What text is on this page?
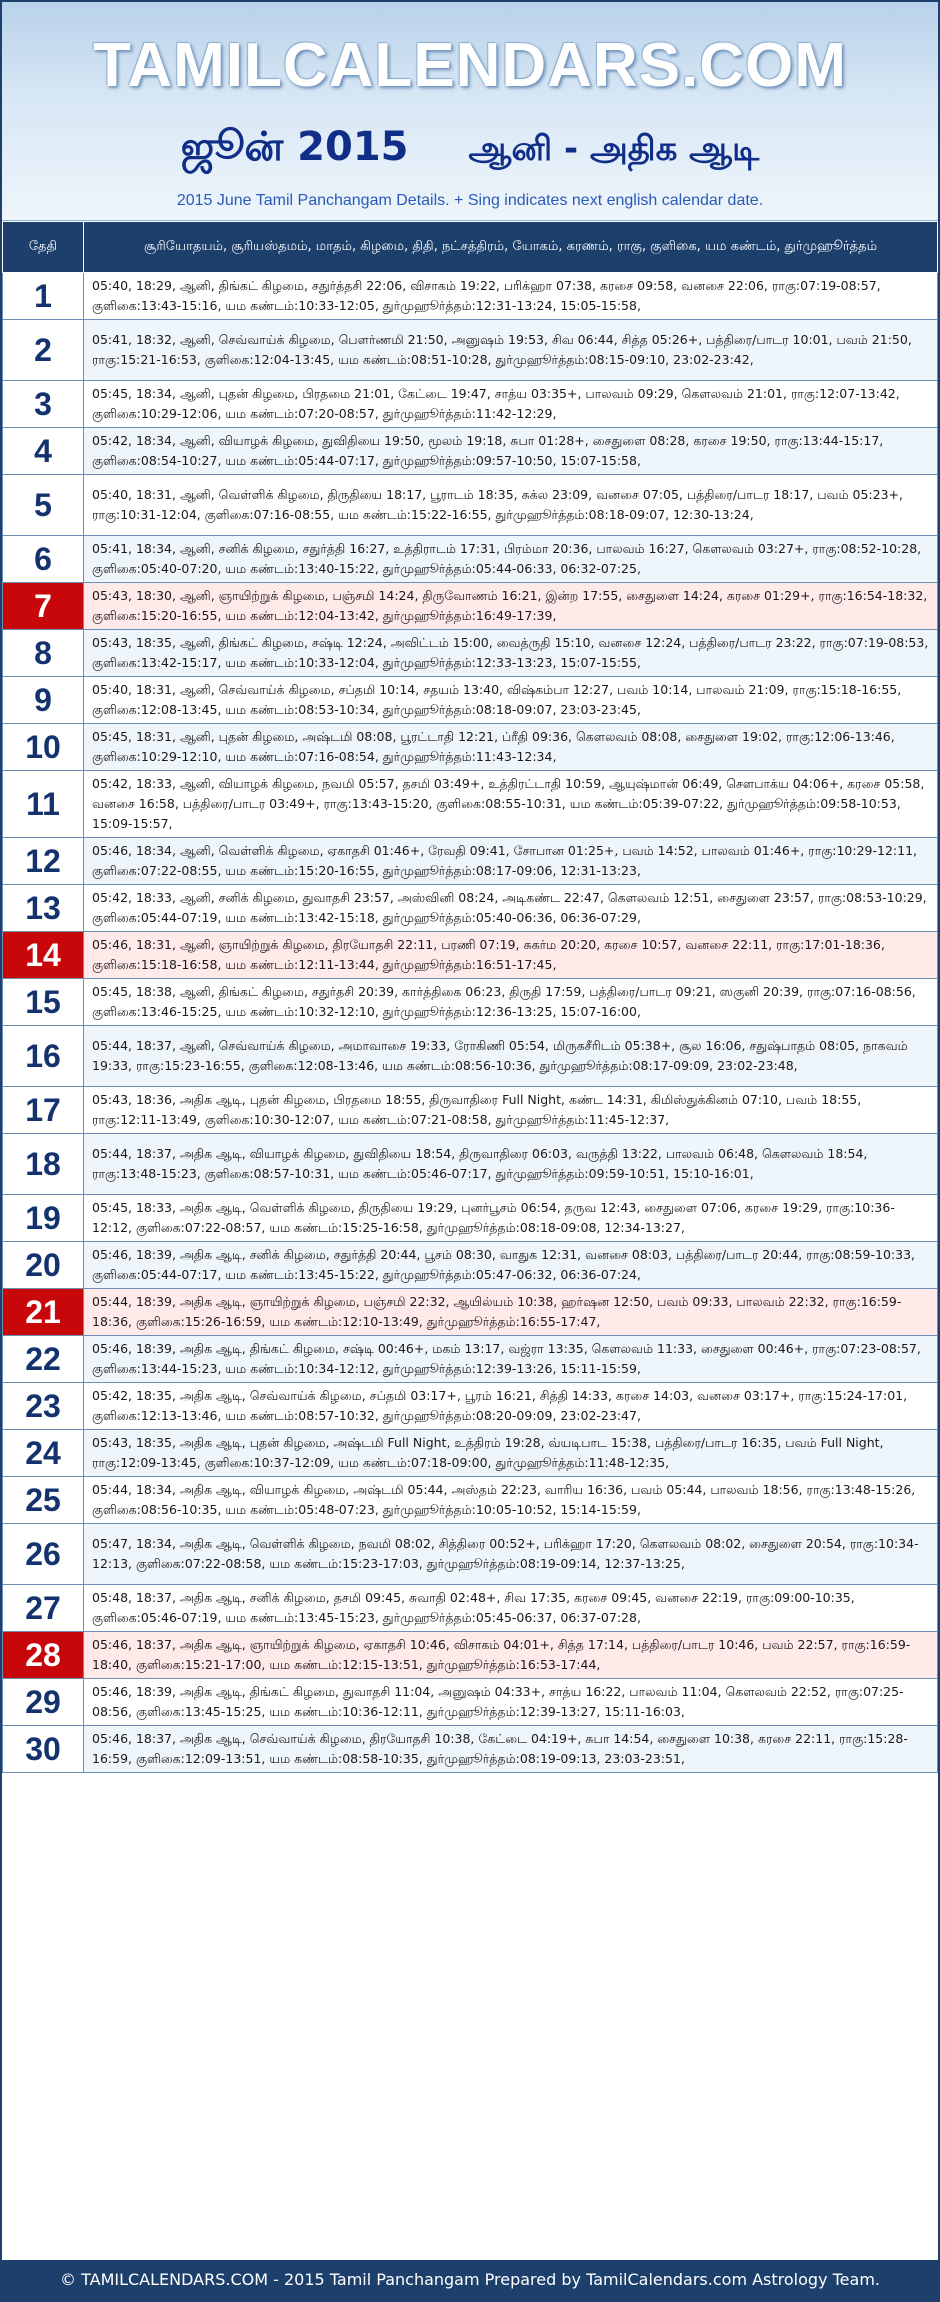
TAMILCALENDARS.COM
ஜூன் 2015 ஆனி - அதிக ஆடி
2015 June Tamil Panchangam Details. + Sing indicates next english calendar date.
தேதி	சூரியோதயம், சூரியஸ்தமம், மாதம், கிழமை, திதி, நட்சத்திரம், யோகம், கரணம், ராகு, குளிகை, யம கண்டம், துர்முஹூர்த்தம்
1	05:40, 18:29, ஆனி, திங்கட் கிழமை, சதுர்த்தசி 22:06, விசாகம் 19:22, பரிக்ஹா 07:38, கரசை 09:58, வனசை 22:06, ராகு:07:19-08:57, குளிகை:13:43-15:16, யம கண்டம்:10:33-12:05, துர்முஹூர்த்தம்:12:31-13:24, 15:05-15:58,
2	05:41, 18:32, ஆனி, செவ்வாய்க் கிழமை, பௌர்ணமி 21:50, அனுஷம் 19:53, சிவ 06:44, சித்த 05:26+, பத்திரை/பாடர 10:01, பவம் 21:50, ராகு:15:21-16:53, குளிகை:12:04-13:45, யம கண்டம்:08:51-10:28, துர்முஹூர்த்தம்:08:15-09:10, 23:02-23:42,
3	05:45, 18:34, ஆனி, புதன் கிழமை, பிரதமை 21:01, கேட்டை 19:47, சாத்ய 03:35+, பாலவம் 09:29, கௌலவம் 21:01, ராகு:12:07-13:42, குளிகை:10:29-12:06, யம கண்டம்:07:20-08:57, துர்முஹூர்த்தம்:11:42-12:29,
4	05:42, 18:34, ஆனி, வியாழக் கிழமை, துவிதியை 19:50, மூலம் 19:18, சுபா 01:28+, சைதுளை 08:28, கரசை 19:50, ராகு:13:44-15:17, குளிகை:08:54-10:27, யம கண்டம்:05:44-07:17, துர்முஹூர்த்தம்:09:57-10:50, 15:07-15:58,
5	05:40, 18:31, ஆனி, வெள்ளிக் கிழமை, திருதியை 18:17, பூராடம் 18:35, சுக்ல 23:09, வனசை 07:05, பத்திரை/பாடர 18:17, பவம் 05:23+, ராகு:10:31-12:04, குளிகை:07:16-08:55, யம கண்டம்:15:22-16:55, துர்முஹூர்த்தம்:08:18-09:07, 12:30-13:24,
6	05:41, 18:34, ஆனி, சனிக் கிழமை, சதுர்த்தி 16:27, உத்திராடம் 17:31, பிரம்மா 20:36, பாலவம் 16:27, கௌலவம் 03:27+, ராகு:08:52-10:28, குளிகை:05:40-07:20, யம கண்டம்:13:40-15:22, துர்முஹூர்த்தம்:05:44-06:33, 06:32-07:25,
7	05:43, 18:30, ஆனி, ஞாயிற்றுக் கிழமை, பஞ்சமி 14:24, திருவோணம் 16:21, இன்ற 17:55, சைதுளை 14:24, கரசை 01:29+, ராகு:16:54-18:32, குளிகை:15:20-16:55, யம கண்டம்:12:04-13:42, துர்முஹூர்த்தம்:16:49-17:39,
8	05:43, 18:35, ஆனி, திங்கட் கிழமை, சஷ்டி 12:24, அவிட்டம் 15:00, வைத்ருதி 15:10, வனசை 12:24, பத்திரை/பாடர 23:22, ராகு:07:19-08:53, குளிகை:13:42-15:17, யம கண்டம்:10:33-12:04, துர்முஹூர்த்தம்:12:33-13:23, 15:07-15:55,
9	05:40, 18:31, ஆனி, செவ்வாய்க் கிழமை, சப்தமி 10:14, சதயம் 13:40, விஷ்கம்பா 12:27, பவம் 10:14, பாலவம் 21:09, ராகு:15:18-16:55, குளிகை:12:08-13:45, யம கண்டம்:08:53-10:34, துர்முஹூர்த்தம்:08:18-09:07, 23:03-23:45,
10	05:45, 18:31, ஆனி, புதன் கிழமை, அஷ்டமி 08:08, பூரட்டாதி 12:21, ப்ரீதி 09:36, கௌலவம் 08:08, சைதுளை 19:02, ராகு:12:06-13:46, குளிகை:10:29-12:10, யம கண்டம்:07:16-08:54, துர்முஹூர்த்தம்:11:43-12:34,
11	05:42, 18:33, ஆனி, வியாழக் கிழமை, நவமி 05:57, தசமி 03:49+, உத்திரட்டாதி 10:59, ஆயுஷ்மான் 06:49, சௌபாக்ய 04:06+, கரசை 05:58, வனசை 16:58, பத்திரை/பாடர 03:49+, ராகு:13:43-15:20, குளிகை:08:55-10:31, யம கண்டம்:05:39-07:22, துர்முஹூர்த்தம்:09:58-10:53, 15:09-15:57,
12	05:46, 18:34, ஆனி, வெள்ளிக் கிழமை, ஏகாதசி 01:46+, ரேவதி 09:41, சோபான 01:25+, பவம் 14:52, பாலவம் 01:46+, ராகு:10:29-12:11, குளிகை:07:22-08:55, யம கண்டம்:15:20-16:55, துர்முஹூர்த்தம்:08:17-09:06, 12:31-13:23,
13	05:42, 18:33, ஆனி, சனிக் கிழமை, துவாதசி 23:57, அஸ்வினி 08:24, அடிகண்ட 22:47, கௌலவம் 12:51, சைதுளை 23:57, ராகு:08:53-10:29, குளிகை:05:44-07:19, யம கண்டம்:13:42-15:18, துர்முஹூர்த்தம்:05:40-06:36, 06:36-07:29,
14	05:46, 18:31, ஆனி, ஞாயிற்றுக் கிழமை, திரயோதசி 22:11, பரணி 07:19, சுகர்ம 20:20, கரசை 10:57, வனசை 22:11, ராகு:17:01-18:36, குளிகை:15:18-16:58, யம கண்டம்:12:11-13:44, துர்முஹூர்த்தம்:16:51-17:45,
15	05:45, 18:38, ஆனி, திங்கட் கிழமை, சதுர்தசி 20:39, கார்த்திகை 06:23, திருதி 17:59, பத்திரை/பாடர 09:21, ஸகுனி 20:39, ராகு:07:16-08:56, குளிகை:13:46-15:25, யம கண்டம்:10:32-12:10, துர்முஹூர்த்தம்:12:36-13:25, 15:07-16:00,
16	05:44, 18:37, ஆனி, செவ்வாய்க் கிழமை, அமாவாசை 19:33, ரோகிணி 05:54, மிருகசீரிடம் 05:38+, சூல 16:06, சதுஷ்பாதம் 08:05, நாகவம் 19:33, ராகு:15:23-16:55, குளிகை:12:08-13:46, யம கண்டம்:08:56-10:36, துர்முஹூர்த்தம்:08:17-09:09, 23:02-23:48,
17	05:43, 18:36, அதிக ஆடி, புதன் கிழமை, பிரதமை 18:55, திருவாதிரை Full Night, கண்ட 14:31, கிமிஸ்துக்கினம் 07:10, பவம் 18:55, ராகு:12:11-13:49, குளிகை:10:30-12:07, யம கண்டம்:07:21-08:58, துர்முஹூர்த்தம்:11:45-12:37,
18	05:44, 18:37, அதிக ஆடி, வியாழக் கிழமை, துவிதியை 18:54, திருவாதிரை 06:03, வருத்தி 13:22, பாலவம் 06:48, கௌலவம் 18:54, ராகு:13:48-15:23, குளிகை:08:57-10:31, யம கண்டம்:05:46-07:17, துர்முஹூர்த்தம்:09:59-10:51, 15:10-16:01,
19	05:45, 18:33, அதிக ஆடி, வெள்ளிக் கிழமை, திருதியை 19:29, புனர்பூசம் 06:54, தருவ 12:43, சைதுளை 07:06, கரசை 19:29, ராகு:10:36-12:12, குளிகை:07:22-08:57, யம கண்டம்:15:25-16:58, துர்முஹூர்த்தம்:08:18-09:08, 12:34-13:27,
20	05:46, 18:39, அதிக ஆடி, சனிக் கிழமை, சதுர்த்தி 20:44, பூசம் 08:30, வாதுக 12:31, வனசை 08:03, பத்திரை/பாடர 20:44, ராகு:08:59-10:33, குளிகை:05:44-07:17, யம கண்டம்:13:45-15:22, துர்முஹூர்த்தம்:05:47-06:32, 06:36-07:24,
21	05:44, 18:39, அதிக ஆடி, ஞாயிற்றுக் கிழமை, பஞ்சமி 22:32, ஆயில்யம் 10:38, ஹர்ஷன 12:50, பவம் 09:33, பாலவம் 22:32, ராகு:16:59-18:36, குளிகை:15:26-16:59, யம கண்டம்:12:10-13:49, துர்முஹூர்த்தம்:16:55-17:47,
22	05:46, 18:39, அதிக ஆடி, திங்கட் கிழமை, சஷ்டி 00:46+, மகம் 13:17, வஜ்ரா 13:35, கௌலவம் 11:33, சைதுளை 00:46+, ராகு:07:23-08:57, குளிகை:13:44-15:23, யம கண்டம்:10:34-12:12, துர்முஹூர்த்தம்:12:39-13:26, 15:11-15:59,
23	05:42, 18:35, அதிக ஆடி, செவ்வாய்க் கிழமை, சப்தமி 03:17+, பூரம் 16:21, சித்தி 14:33, கரசை 14:03, வனசை 03:17+, ராகு:15:24-17:01, குளிகை:12:13-13:46, யம கண்டம்:08:57-10:32, துர்முஹூர்த்தம்:08:20-09:09, 23:02-23:47,
24	05:43, 18:35, அதிக ஆடி, புதன் கிழமை, அஷ்டமி Full Night, உத்திரம் 19:28, வ்யடிபாட 15:38, பத்திரை/பாடர 16:35, பவம் Full Night, ராகு:12:09-13:45, குளிகை:10:37-12:09, யம கண்டம்:07:18-09:00, துர்முஹூர்த்தம்:11:48-12:35,
25	05:44, 18:34, அதிக ஆடி, வியாழக் கிழமை, அஷ்டமி 05:44, அஸ்தம் 22:23, வாரிய 16:36, பவம் 05:44, பாலவம் 18:56, ராகு:13:48-15:26, குளிகை:08:56-10:35, யம கண்டம்:05:48-07:23, துர்முஹூர்த்தம்:10:05-10:52, 15:14-15:59,
26	05:47, 18:34, அதிக ஆடி, வெள்ளிக் கிழமை, நவமி 08:02, சித்திரை 00:52+, பரிக்ஹா 17:20, கௌலவம் 08:02, சைதுளை 20:54, ராகு:10:34-12:13, குளிகை:07:22-08:58, யம கண்டம்:15:23-17:03, துர்முஹூர்த்தம்:08:19-09:14, 12:37-13:25,
27	05:48, 18:37, அதிக ஆடி, சனிக் கிழமை, தசமி 09:45, சுவாதி 02:48+, சிவ 17:35, கரசை 09:45, வனசை 22:19, ராகு:09:00-10:35, குளிகை:05:46-07:19, யம கண்டம்:13:45-15:23, துர்முஹூர்த்தம்:05:45-06:37, 06:37-07:28,
28	05:46, 18:37, அதிக ஆடி, ஞாயிற்றுக் கிழமை, ஏகாதசி 10:46, விசாகம் 04:01+, சித்த 17:14, பத்திரை/பாடர 10:46, பவம் 22:57, ராகு:16:59-18:40, குளிகை:15:21-17:00, யம கண்டம்:12:15-13:51, துர்முஹூர்த்தம்:16:53-17:44,
29	05:46, 18:39, அதிக ஆடி, திங்கட் கிழமை, துவாதசி 11:04, அனுஷம் 04:33+, சாத்ய 16:22, பாலவம் 11:04, கௌலவம் 22:52, ராகு:07:25-08:56, குளிகை:13:45-15:25, யம கண்டம்:10:36-12:11, துர்முஹூர்த்தம்:12:39-13:27, 15:11-16:03,
30	05:46, 18:37, அதிக ஆடி, செவ்வாய்க் கிழமை, திரயோதசி 10:38, கேட்டை 04:19+, சுபா 14:54, சைதுளை 10:38, கரசை 22:11, ராகு:15:28-16:59, குளிகை:12:09-13:51, யம கண்டம்:08:58-10:35, துர்முஹூர்த்தம்:08:19-09:13, 23:03-23:51,
© TAMILCALENDARS.COM - 2015 Tamil Panchangam Prepared by TamilCalendars.com Astrology Team.
